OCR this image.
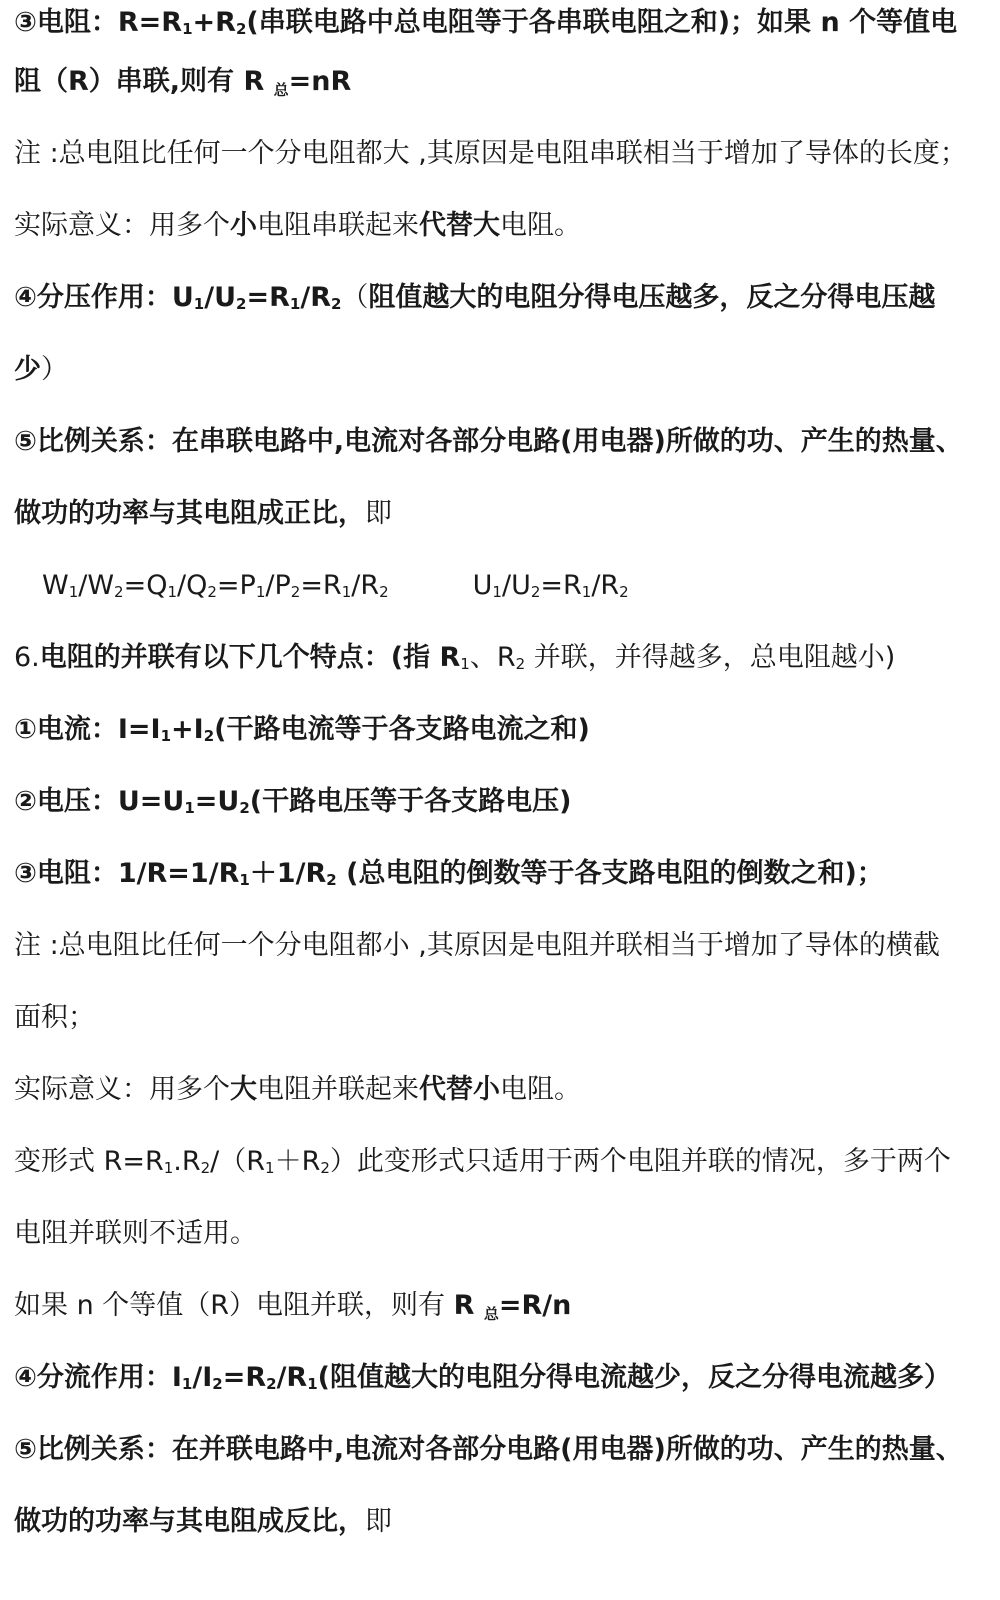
③电阻：$R=R_1+R_2$(串联电路中总电阻等于各串联电阻之和)；如果 n 个等值电
阻（R）串联,则有 R 总=nR
注 :总电阻比任何一个分电阻都大 ,其原因是电阻串联相当于增加了导体的长度；
实际意义：用多个小电阻串联起来代替大电阻。
④分压作用：$U_1/U_2=R_1/R_2$（阻值越大的电阻分得电压越多，反之分得电压越
少）
⑤比例关系：在串联电路中,电流对各部分电路(用电器)所做的功、产生的热量、
做功的功率与其电阻成正比，即
$W_1/W_2=Q_1/Q_2=P_1/P_2=R_1/R_2$	$U_1/U_2=R_1/R_2$
6.电阻的并联有以下几个特点：(指 $R_1$、$R_2$ 并联，并得越多，总电阻越小)
①电流：$I=I_1+I_2$(干路电流等于各支路电流之和)
②电压：$U=U_1=U_2$(干路电压等于各支路电压)
③电阻：$1/R=1/R_1+1/R_2$ (总电阻的倒数等于各支路电阻的倒数之和)；
注 :总电阻比任何一个分电阻都小 ,其原因是电阻并联相当于增加了导体的横截
面积；
实际意义：用多个大电阻并联起来代替小电阻。
变形式 $R=R_1.R_2/(R_1+R_2)$此变形式只适用于两个电阻并联的情况，多于两个
电阻并联则不适用。
如果 n 个等值（R）电阻并联，则有 R 总=R/n
④分流作用：$I_1/I_2=R_2/R_1$(阻值越大的电阻分得电流越少，反之分得电流越多）
⑤比例关系：在并联电路中,电流对各部分电路(用电器)所做的功、产生的热量、
做功的功率与其电阻成反比，即
